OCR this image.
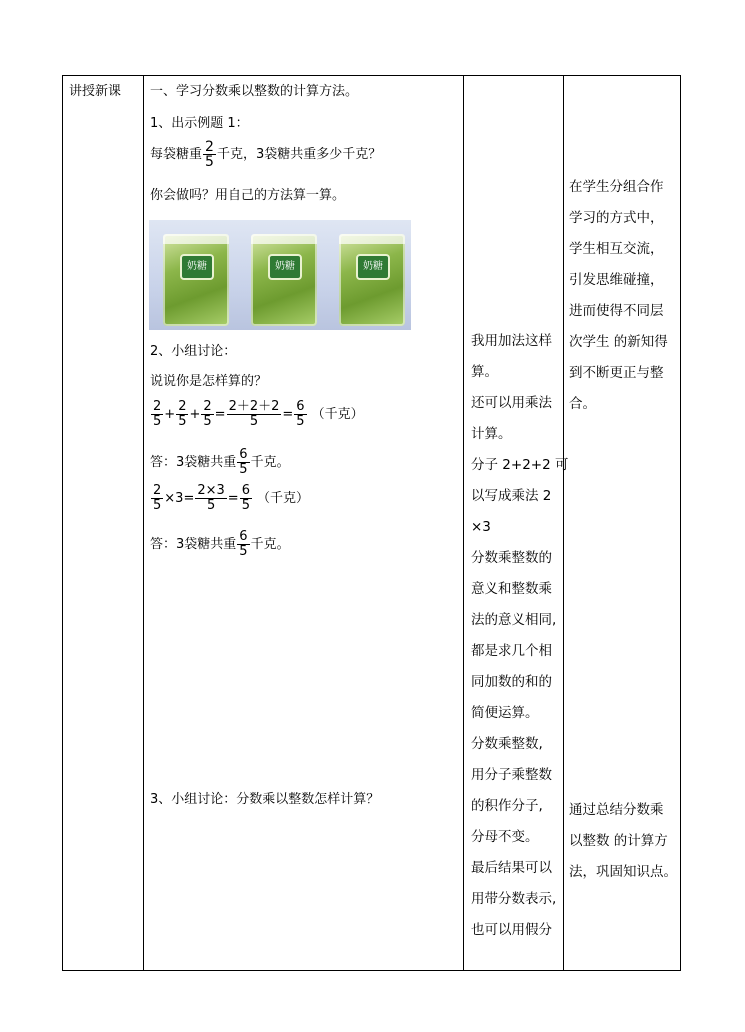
讲授新课 一、学习分数乘以整数的计算方法。
1、出示例题 1：
每袋糖重 $\frac{2}{5}$ 千克，3袋糖共重多少千克？
你会做吗？用自己的方法算一算。
奶糖	奶糖	奶糖
2、小组讨论：
说说你是怎样算的？
$\frac{2}{5} + \frac{2}{5} + \frac{2}{5} = \frac{2+2+2}{5} = \frac{6}{5}$ （千克）
答：3袋糖共重 $\frac{6}{5}$ 千克。
$\frac{2}{5} \times 3= \frac{2\times 3}{5} = \frac{6}{5}$ （千克）
答：3袋糖共重 $\frac{6}{5}$ 千克。
3、小组讨论：分数乘以整数怎样计算？

我用加法这样

算。

还可以用乘法

计算。

分子 2+2+2 可

以写成乘法 2

×3

分数乘整数的

意义和整数乘

法的意义相同,

都是求几个相

同加数的和的

简便运算。

分数乘整数,

用分子乘整数

的积作分子,

分母不变。

最后结果可以

用带分数表示,

也可以用假分

在学生分组合作

学习的方式中，

学生相互交流，

引发思维碰撞，

进而使得不同层

次学生 的新知得

到不断更正与整

合。

通过总结分数乘

以整数 的计算方

法，巩固知识点。
